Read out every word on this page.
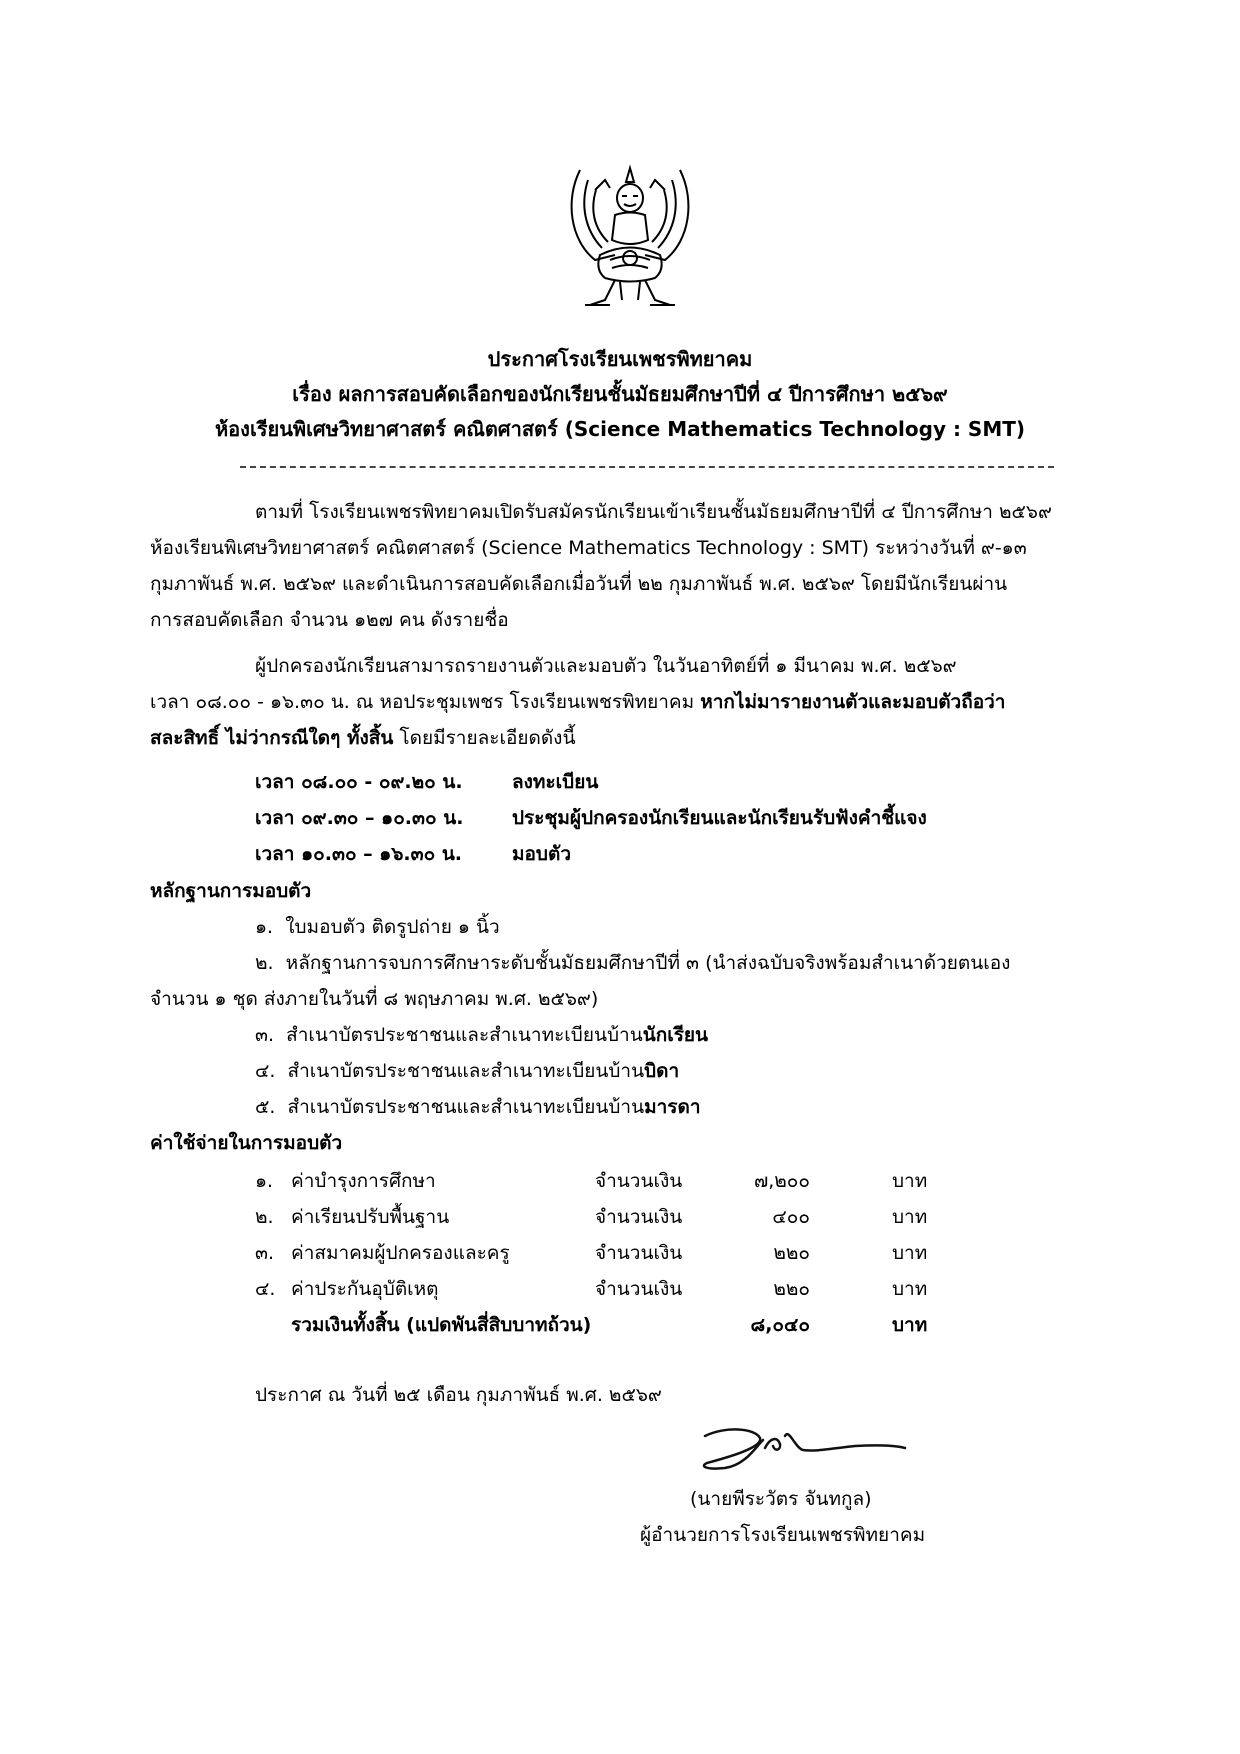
ประกาศโรงเรียนเพชรพิทยาคม
เรื่อง ผลการสอบคัดเลือกของนักเรียนชั้นมัธยมศึกษาปีที่ ๔ ปีการศึกษา ๒๕๖๙
ห้องเรียนพิเศษวิทยาศาสตร์ คณิตศาสตร์ (Science Mathematics Technology : SMT)
ตามที่ โรงเรียนเพชรพิทยาคมเปิดรับสมัครนักเรียนเข้าเรียนชั้นมัธยมศึกษาปีที่ ๔ ปีการศึกษา ๒๕๖๙
ห้องเรียนพิเศษวิทยาศาสตร์ คณิตศาสตร์ (Science Mathematics Technology : SMT) ระหว่างวันที่ ๙-๑๓
กุมภาพันธ์ พ.ศ. ๒๕๖๙ และดำเนินการสอบคัดเลือกเมื่อวันที่ ๒๒ กุมภาพันธ์ พ.ศ. ๒๕๖๙ โดยมีนักเรียนผ่าน
การสอบคัดเลือก จำนวน ๑๒๗ คน ดังรายชื่อ
ผู้ปกครองนักเรียนสามารถรายงานตัวและมอบตัว ในวันอาทิตย์ที่ ๑ มีนาคม พ.ศ. ๒๕๖๙
เวลา ๐๘.๐๐ - ๑๖.๓๐ น. ณ หอประชุมเพชร โรงเรียนเพชรพิทยาคม หากไม่มารายงานตัวและมอบตัวถือว่า
สละสิทธิ์ ไม่ว่ากรณีใดๆ ทั้งสิ้น โดยมีรายละเอียดดังนี้
เวลา ๐๘.๐๐ - ๐๙.๒๐ น.	ลงทะเบียน
เวลา ๐๙.๓๐ – ๑๐.๓๐ น.	ประชุมผู้ปกครองนักเรียนและนักเรียนรับฟังคำชี้แจง
เวลา ๑๐.๓๐ – ๑๖.๓๐ น.	มอบตัว
หลักฐานการมอบตัว
๑. ใบมอบตัว ติดรูปถ่าย ๑ นิ้ว
๒. หลักฐานการจบการศึกษาระดับชั้นมัธยมศึกษาปีที่ ๓ (นำส่งฉบับจริงพร้อมสำเนาด้วยตนเอง
จำนวน ๑ ชุด ส่งภายในวันที่ ๘ พฤษภาคม พ.ศ. ๒๕๖๙)
๓. สำเนาบัตรประชาชนและสำเนาทะเบียนบ้านนักเรียน
๔. สำเนาบัตรประชาชนและสำเนาทะเบียนบ้านบิดา
๕. สำเนาบัตรประชาชนและสำเนาทะเบียนบ้านมารดา
ค่าใช้จ่ายในการมอบตัว
๑. ค่าบำรุงการศึกษา	จำนวนเงิน	๗,๒๐๐	บาท
๒. ค่าเรียนปรับพื้นฐาน	จำนวนเงิน	๔๐๐	บาท
๓. ค่าสมาคมผู้ปกครองและครู	จำนวนเงิน	๒๒๐	บาท
๔. ค่าประกันอุบัติเหตุ	จำนวนเงิน	๒๒๐	บาท
รวมเงินทั้งสิ้น (แปดพันสี่สิบบาทถ้วน)	๘,๐๔๐	บาท
ประกาศ ณ วันที่ ๒๕ เดือน กุมภาพันธ์ พ.ศ. ๒๕๖๙
(นายพีระวัตร จันทกูล)
ผู้อำนวยการโรงเรียนเพชรพิทยาคม
